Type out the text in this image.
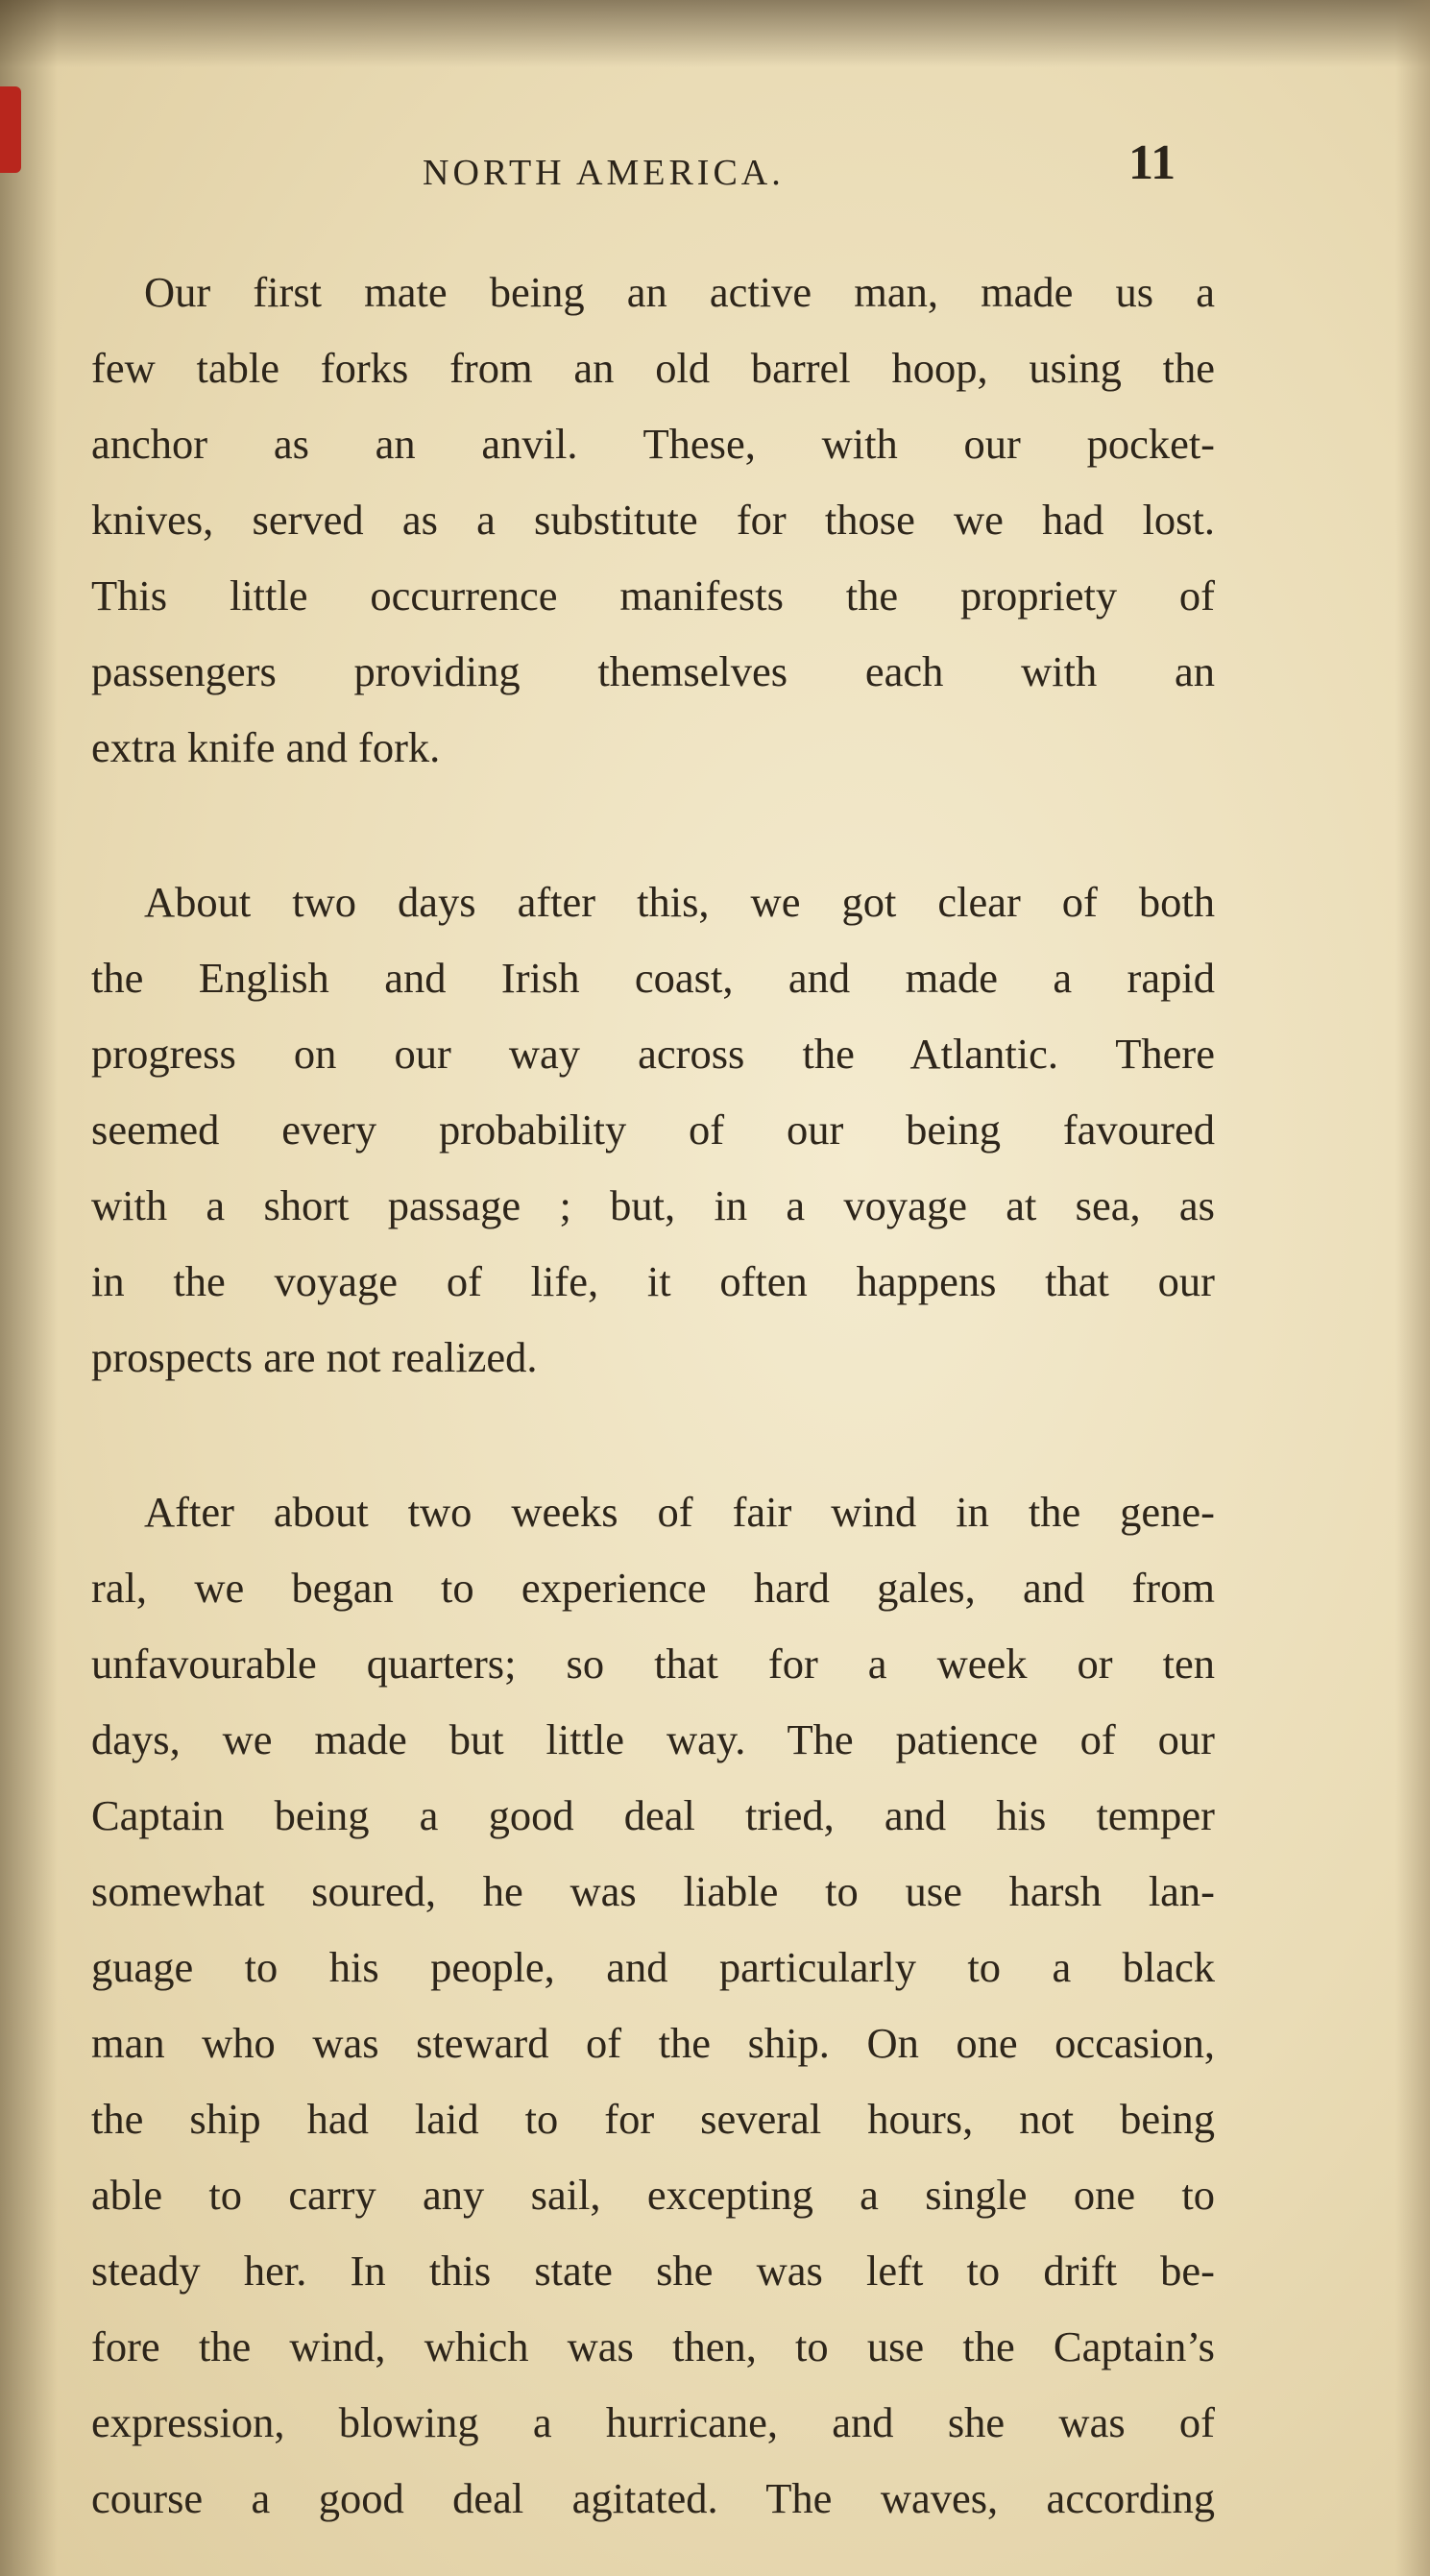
NORTH AMERICA.	11
Our first mate being an active man, made us a
few table forks from an old barrel hoop, using the
anchor as an anvil. These, with our pocket-
knives, served as a substitute for those we had lost.
This little occurrence manifests the propriety of
passengers providing themselves each with an
extra knife and fork.
About two days after this, we got clear of both
the English and Irish coast, and made a rapid
progress on our way across the Atlantic. There
seemed every probability of our being favoured
with a short passage ; but, in a voyage at sea, as
in the voyage of life, it often happens that our
prospects are not realized.
After about two weeks of fair wind in the gene-
ral, we began to experience hard gales, and from
unfavourable quarters; so that for a week or ten
days, we made but little way. The patience of our
Captain being a good deal tried, and his temper
somewhat soured, he was liable to use harsh lan-
guage to his people, and particularly to a black
man who was steward of the ship. On one occasion,
the ship had laid to for several hours, not being
able to carry any sail, excepting a single one to
steady her. In this state she was left to drift be-
fore the wind, which was then, to use the Captain’s
expression, blowing a hurricane, and she was of
course a good deal agitated. The waves, according
